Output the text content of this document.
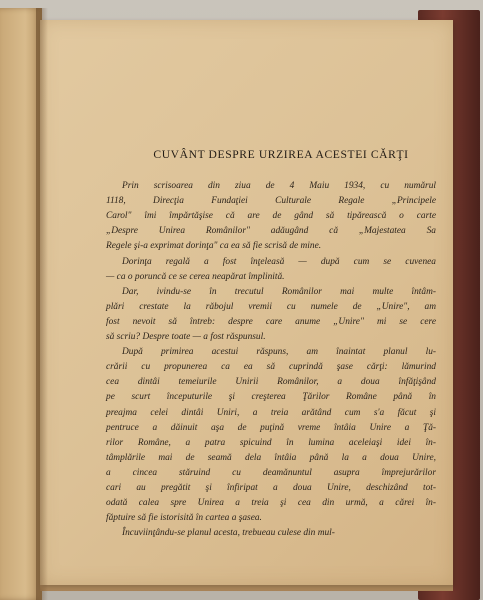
CUVÂNT DESPRE URZIREA ACESTEI CĂRŢI
Prin scrisoarea din ziua de 4 Maiu 1934, cu numărul
1118, Direcţia Fundaţiei Culturale Regale „Principele
Carol" îmi împărtăşise că are de gând să tipărească o carte
„Despre Unirea Românilor" adăugând că „Majestatea Sa
Regele şi-a exprimat dorinţa" ca ea să fie scrisă de mine.
Dorinţa regală a fost înţeleasă — după cum se cuvenea
— ca o poruncă ce se cerea neapărat împlinită.
Dar, ivindu-se în trecutul Românilor mai multe întâm-
plări crestate la răbojul vremii cu numele de „Unire", am
fost nevoit să întreb: despre care anume „Unire" mi se cere
să scriu? Despre toate — a fost răspunsul.
După primirea acestui răspuns, am înaintat planul lu-
crării cu propunerea ca ea să cuprindă şase cărţi: lămurind
cea dintâi temeiurile Unirii Românilor, a doua înfăţişând
pe scurt începuturile şi creşterea Ţărilor Române până în
preajma celei dintâi Uniri, a treia arătând cum s'a făcut şi
pentruce a dăinuit aşa de puţină vreme întâia Unire a Ţă-
rilor Române, a patra spicuind în lumina aceleiaşi idei în-
tâmplările mai de seamă dela întâia până la a doua Unire,
a cincea stăruind cu deamănuntul asupra împrejurărilor
cari au pregătit şi înfiripat a doua Unire, deschizând tot-
odată calea spre Unirea a treia şi cea din urmă, a cărei în-
făptuire să fie istorisită în cartea a şasea.
Încuviinţându-se planul acesta, trebueau culese din mul-
